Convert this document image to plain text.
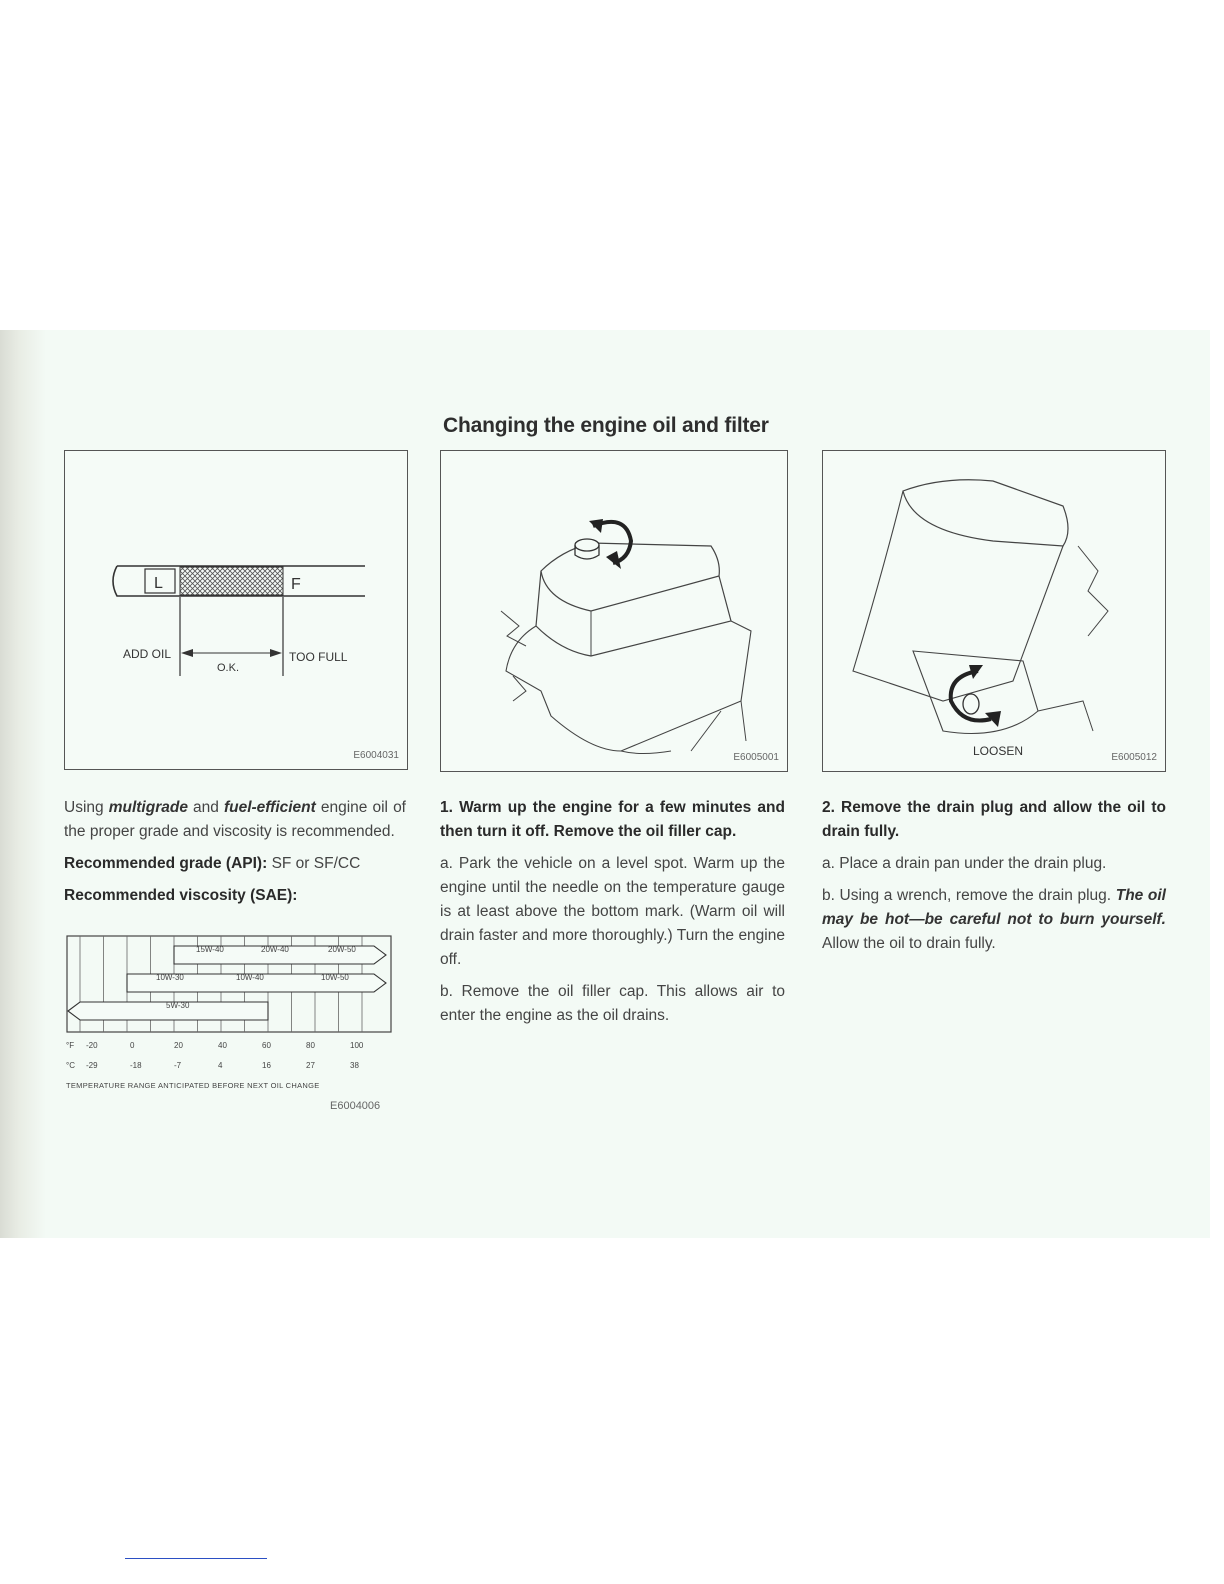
Changing the engine oil and filter
L	F
ADD OIL
O.K.
TOO FULL
E6004031	E6005001	LOOSEN	E6005012

Using multigrade and fuel-efficient engine oil of the proper grade and viscosity is recommended.

Recommended grade (API): SF or SF/CC

Recommended viscosity (SAE):

15W-40	20W-40	20W-50
10W-30	10W-40	10W-50
5W-30
°F
°C
-20	0	20	40	60	80	100
-29	-18	-7	4	16	27	38
TEMPERATURE RANGE ANTICIPATED BEFORE NEXT OIL CHANGE
E6004006

1. Warm up the engine for a few minutes and then turn it off. Remove the oil filler cap.

a. Park the vehicle on a level spot. Warm up the engine until the needle on the temperature gauge is at least above the bottom mark. (Warm oil will drain faster and more thoroughly.) Turn the engine off.

b. Remove the oil filler cap. This allows air to enter the engine as the oil drains.

2. Remove the drain plug and allow the oil to drain fully.

a. Place a drain pan under the drain plug.

b. Using a wrench, remove the drain plug. The oil may be hot—be careful not to burn yourself. Allow the oil to drain fully.
